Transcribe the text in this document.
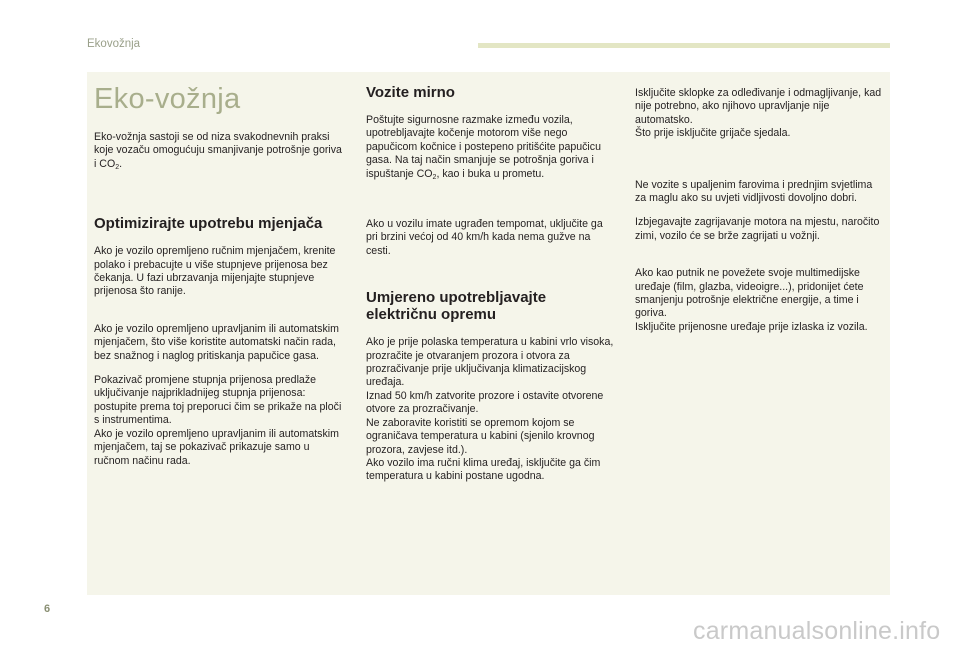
Ekovožnja
Eko-vožnja

Eko-vožnja sastoji se od niza svakodnevnih praksi koje vozaču omogućuju smanjivanje potrošnje goriva i CO2.

Optimizirajte upotrebu mjenjača

Ako je vozilo opremljeno ručnim mjenjačem, krenite polako i prebacujte u više stupnjeve prijenosa bez čekanja. U fazi ubrzavanja mijenjajte stupnjeve prijenosa što ranije.

Ako je vozilo opremljeno upravljanim ili automatskim mjenjačem, što više koristite automatski način rada, bez snažnog i naglog pritiskanja papučice gasa.

Pokazivač promjene stupnja prijenosa predlaže uključivanje najprikladnijeg stupnja prijenosa: postupite prema toj preporuci čim se prikaže na ploči s instrumentima.

Ako je vozilo opremljeno upravljanim ili automatskim mjenjačem, taj se pokazivač prikazuje samo u ručnom načinu rada.

Vozite mirno

Poštujte sigurnosne razmake između vozila, upotrebljavajte kočenje motorom više nego papučicom kočnice i postepeno pritišćite papučicu gasa. Na taj način smanjuje se potrošnja goriva i ispuštanje CO2, kao i buka u prometu.

Ako u vozilu imate ugrađen tempomat, uključite ga pri brzini većoj od 40 km/h kada nema gužve na cesti.

Umjereno upotrebljavajte električnu opremu

Ako je prije polaska temperatura u kabini vrlo visoka, prozračite je otvaranjem prozora i otvora za prozračivanje prije uključivanja klimatizacijskog uređaja.

Iznad 50 km/h zatvorite prozore i ostavite otvorene otvore za prozračivanje.

Ne zaboravite koristiti se opremom kojom se ograničava temperatura u kabini (sjenilo krovnog prozora, zavjese itd.).

Ako vozilo ima ručni klima uređaj, isključite ga čim temperatura u kabini postane ugodna.

Isključite sklopke za odleđivanje i odmagljivanje, kad nije potrebno, ako njihovo upravljanje nije automatsko.

Što prije isključite grijače sjedala.

Ne vozite s upaljenim farovima i prednjim svjetlima za maglu ako su uvjeti vidljivosti dovoljno dobri.

Izbjegavajte zagrijavanje motora na mjestu, naročito zimi, vozilo će se brže zagrijati u vožnji.

Ako kao putnik ne povežete svoje multimedijske uređaje (film, glazba, videoigre...), pridonijet ćete smanjenju potrošnje električne energije, a time i goriva.

Isključite prijenosne uređaje prije izlaska iz vozila.

6
carmanualsonline.info
